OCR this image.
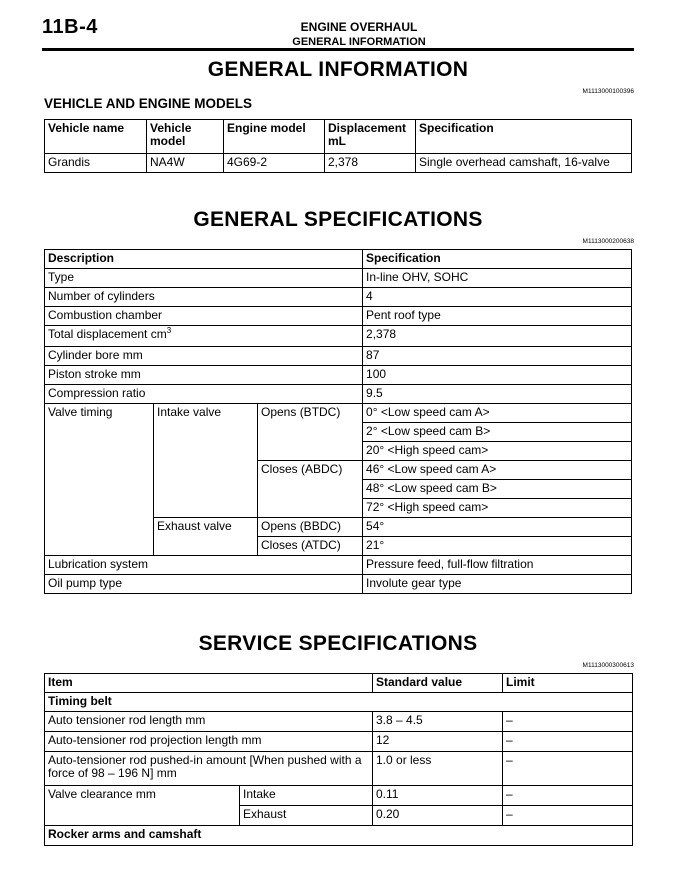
11B-4	ENGINE OVERHAUL
GENERAL INFORMATION
GENERAL INFORMATION
M1113000100396
VEHICLE AND ENGINE MODELS
Vehicle name	Vehicle model	Engine model	Displacement mL	Specification
Grandis	NA4W	4G69-2	2,378	Single overhead camshaft, 16-valve
GENERAL SPECIFICATIONS
M1113000200638
Description			Specification
Type			In-line OHV, SOHC
Number of cylinders			4
Combustion chamber			Pent roof type
Total displacement $cm^3$			2,378
Cylinder bore mm			87
Piston stroke mm			100
Compression ratio			9.5
Valve timing	Intake valve	Opens (BTDC)	0° <Low speed cam A>
			2° <Low speed cam B>
			20° <High speed cam>
		Closes (ABDC)	46° <Low speed cam A>
			48° <Low speed cam B>
			72° <High speed cam>
	Exhaust valve	Opens (BBDC)	54°
		Closes (ATDC)	21°
Lubrication system			Pressure feed, full-flow filtration
Oil pump type			Involute gear type
SERVICE SPECIFICATIONS
M1113000300613
Item		Standard value	Limit
Timing belt			
Auto tensioner rod length mm		3.8 – 4.5	–
Auto-tensioner rod projection length mm		12	–
Auto-tensioner rod pushed-in amount [When pushed with a force of 98 – 196 N] mm		1.0 or less	–
Valve clearance mm	Intake	0.11	–
	Exhaust	0.20	–
Rocker arms and camshaft			
